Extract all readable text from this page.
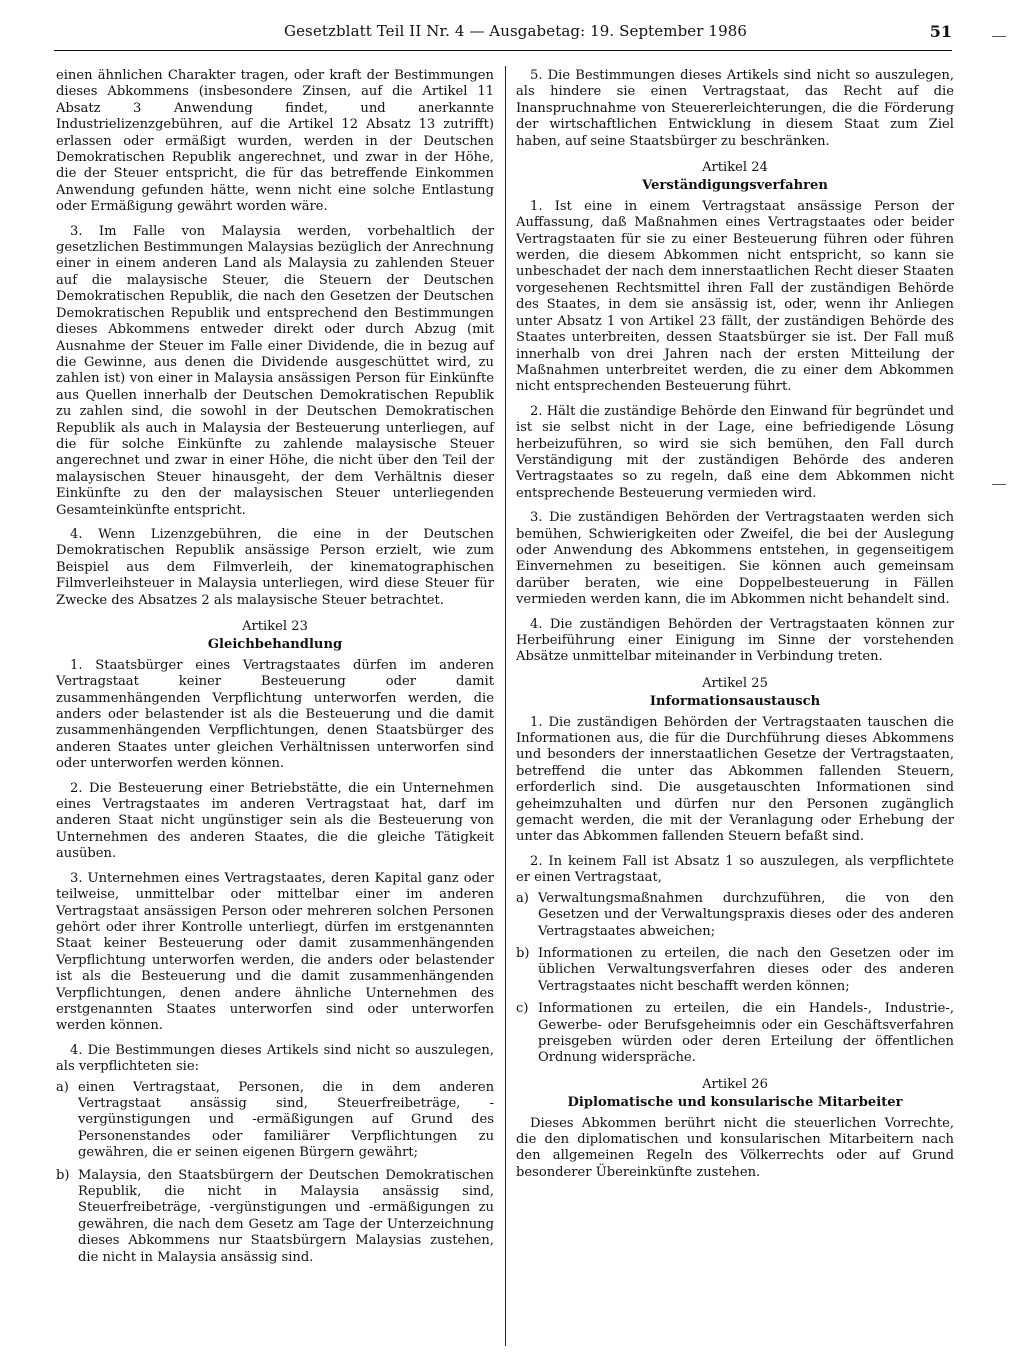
Gesetzblatt Teil II Nr. 4 — Ausgabetag: 19. September 1986	51

einen ähnlichen Charakter tragen, oder kraft der Bestimmungen dieses Abkommens (insbesondere Zinsen, auf die Artikel 11 Absatz 3 Anwendung findet, und anerkannte Industrielizenzgebühren, auf die Artikel 12 Absatz 13 zutrifft) erlassen oder ermäßigt wurden, werden in der Deutschen Demokratischen Republik angerechnet, und zwar in der Höhe, die der Steuer entspricht, die für das betreffende Einkommen Anwendung gefunden hätte, wenn nicht eine solche Entlastung oder Ermäßigung gewährt worden wäre.

3. Im Falle von Malaysia werden, vorbehaltlich der gesetzlichen Bestimmungen Malaysias bezüglich der Anrechnung einer in einem anderen Land als Malaysia zu zahlenden Steuer auf die malaysische Steuer, die Steuern der Deutschen Demokratischen Republik, die nach den Gesetzen der Deutschen Demokratischen Republik und entsprechend den Bestimmungen dieses Abkommens entweder direkt oder durch Abzug (mit Ausnahme der Steuer im Falle einer Dividende, die in bezug auf die Gewinne, aus denen die Dividende ausgeschüttet wird, zu zahlen ist) von einer in Malaysia ansässigen Person für Einkünfte aus Quellen innerhalb der Deutschen Demokratischen Republik zu zahlen sind, die sowohl in der Deutschen Demokratischen Republik als auch in Malaysia der Besteuerung unterliegen, auf die für solche Einkünfte zu zahlende malaysische Steuer angerechnet und zwar in einer Höhe, die nicht über den Teil der malaysischen Steuer hinausgeht, der dem Verhältnis dieser Einkünfte zu den der malaysischen Steuer unterliegenden Gesamteinkünfte entspricht.

4. Wenn Lizenzgebühren, die eine in der Deutschen Demokratischen Republik ansässige Person erzielt, wie zum Beispiel aus dem Filmverleih, der kinematographischen Filmverleihsteuer in Malaysia unterliegen, wird diese Steuer für Zwecke des Absatzes 2 als malaysische Steuer betrachtet.

Artikel 23
Gleichbehandlung

1. Staatsbürger eines Vertragstaates dürfen im anderen Vertragstaat keiner Besteuerung oder damit zusammenhängenden Verpflichtung unterworfen werden, die anders oder belastender ist als die Besteuerung und die damit zusammenhängenden Verpflichtungen, denen Staatsbürger des anderen Staates unter gleichen Verhältnissen unterworfen sind oder unterworfen werden können.

2. Die Besteuerung einer Betriebstätte, die ein Unternehmen eines Vertragstaates im anderen Vertragstaat hat, darf im anderen Staat nicht ungünstiger sein als die Besteuerung von Unternehmen des anderen Staates, die die gleiche Tätigkeit ausüben.

3. Unternehmen eines Vertragstaates, deren Kapital ganz oder teilweise, unmittelbar oder mittelbar einer im anderen Vertragstaat ansässigen Person oder mehreren solchen Personen gehört oder ihrer Kontrolle unterliegt, dürfen im erstgenannten Staat keiner Besteuerung oder damit zusammenhängenden Verpflichtung unterworfen werden, die anders oder belastender ist als die Besteuerung und die damit zusammenhängenden Verpflichtungen, denen andere ähnliche Unternehmen des erstgenannten Staates unterworfen sind oder unterworfen werden können.

4. Die Bestimmungen dieses Artikels sind nicht so auszulegen, als verpflichteten sie:

a) einen Vertragstaat, Personen, die in dem anderen Vertragstaat ansässig sind, Steuerfreibeträge, -vergünstigungen und -ermäßigungen auf Grund des Personenstandes oder familiärer Verpflichtungen zu gewähren, die er seinen eigenen Bürgern gewährt;
b) Malaysia, den Staatsbürgern der Deutschen Demokratischen Republik, die nicht in Malaysia ansässig sind, Steuerfreibeträge, -vergünstigungen und -ermäßigungen zu gewähren, die nach dem Gesetz am Tage der Unterzeichnung dieses Abkommens nur Staatsbürgern Malaysias zustehen, die nicht in Malaysia ansässig sind.

5. Die Bestimmungen dieses Artikels sind nicht so auszulegen, als hindere sie einen Vertragstaat, das Recht auf die Inanspruchnahme von Steuererleichterungen, die die Förderung der wirtschaftlichen Entwicklung in diesem Staat zum Ziel haben, auf seine Staatsbürger zu beschränken.

Artikel 24
Verständigungsverfahren

1. Ist eine in einem Vertragstaat ansässige Person der Auffassung, daß Maßnahmen eines Vertragstaates oder beider Vertragstaaten für sie zu einer Besteuerung führen oder führen werden, die diesem Abkommen nicht entspricht, so kann sie unbeschadet der nach dem innerstaatlichen Recht dieser Staaten vorgesehenen Rechtsmittel ihren Fall der zuständigen Behörde des Staates, in dem sie ansässig ist, oder, wenn ihr Anliegen unter Absatz 1 von Artikel 23 fällt, der zuständigen Behörde des Staates unterbreiten, dessen Staatsbürger sie ist. Der Fall muß innerhalb von drei Jahren nach der ersten Mitteilung der Maßnahmen unterbreitet werden, die zu einer dem Abkommen nicht entsprechenden Besteuerung führt.

2. Hält die zuständige Behörde den Einwand für begründet und ist sie selbst nicht in der Lage, eine befriedigende Lösung herbeizuführen, so wird sie sich bemühen, den Fall durch Verständigung mit der zuständigen Behörde des anderen Vertragstaates so zu regeln, daß eine dem Abkommen nicht entsprechende Besteuerung vermieden wird.

3. Die zuständigen Behörden der Vertragstaaten werden sich bemühen, Schwierigkeiten oder Zweifel, die bei der Auslegung oder Anwendung des Abkommens entstehen, in gegenseitigem Einvernehmen zu beseitigen. Sie können auch gemeinsam darüber beraten, wie eine Doppelbesteuerung in Fällen vermieden werden kann, die im Abkommen nicht behandelt sind.

4. Die zuständigen Behörden der Vertragstaaten können zur Herbeiführung einer Einigung im Sinne der vorstehenden Absätze unmittelbar miteinander in Verbindung treten.

Artikel 25
Informationsaustausch

1. Die zuständigen Behörden der Vertragstaaten tauschen die Informationen aus, die für die Durchführung dieses Abkommens und besonders der innerstaatlichen Gesetze der Vertragstaaten, betreffend die unter das Abkommen fallenden Steuern, erforderlich sind. Die ausgetauschten Informationen sind geheimzuhalten und dürfen nur den Personen zugänglich gemacht werden, die mit der Veranlagung oder Erhebung der unter das Abkommen fallenden Steuern befaßt sind.

2. In keinem Fall ist Absatz 1 so auszulegen, als verpflichtete er einen Vertragstaat,

a) Verwaltungsmaßnahmen durchzuführen, die von den Gesetzen und der Verwaltungspraxis dieses oder des anderen Vertragstaates abweichen;
b) Informationen zu erteilen, die nach den Gesetzen oder im üblichen Verwaltungsverfahren dieses oder des anderen Vertragstaates nicht beschafft werden können;
c) Informationen zu erteilen, die ein Handels-, Industrie-, Gewerbe- oder Berufsgeheimnis oder ein Geschäftsverfahren preisgeben würden oder deren Erteilung der öffentlichen Ordnung widerspräche.
Artikel 26
Diplomatische und konsularische Mitarbeiter

Dieses Abkommen berührt nicht die steuerlichen Vorrechte, die den diplomatischen und konsularischen Mitarbeitern nach den allgemeinen Regeln des Völkerrechts oder auf Grund besonderer Übereinkünfte zustehen.
